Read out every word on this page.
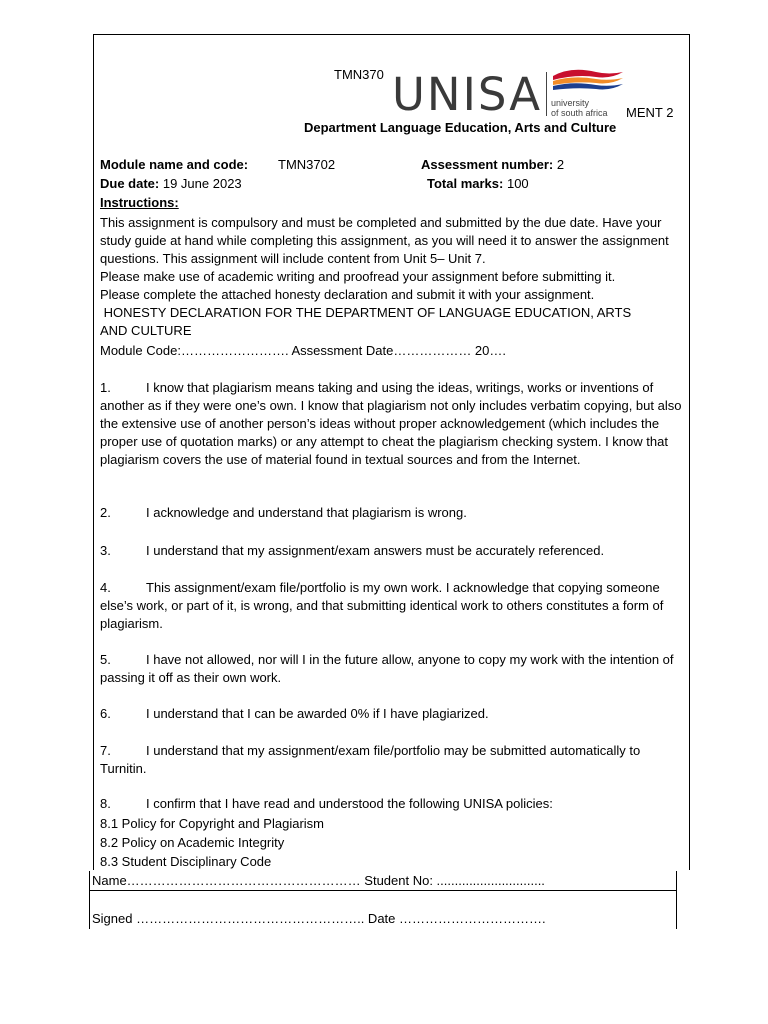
TMN370 UNISA university
of south africa MENT 2
Department Language Education, Arts and Culture
Module name and code: TMN3702	Assessment number: 2
Due date: 19 June 2023	Total marks: 100
Instructions:
This assignment is compulsory and must be completed and submitted by the due date. Have your study guide at hand while completing this assignment, as you will need it to answer the assignment questions. This assignment will include content from Unit 5– Unit 7.
Please make use of academic writing and proofread your assignment before submitting it.
Please complete the attached honesty declaration and submit it with your assignment.
HONESTY DECLARATION FOR THE DEPARTMENT OF LANGUAGE EDUCATION, ARTS AND CULTURE
Module Code:……………………. Assessment Date……………… 20….
1.	I know that plagiarism means taking and using the ideas, writings, works or inventions of another as if they were one’s own. I know that plagiarism not only includes verbatim copying, but also the extensive use of another person’s ideas without proper acknowledgement (which includes the proper use of quotation marks) or any attempt to cheat the plagiarism checking system. I know that plagiarism covers the use of material found in textual sources and from the Internet.
2.	I acknowledge and understand that plagiarism is wrong.
3.	I understand that my assignment/exam answers must be accurately referenced.
4.	This assignment/exam file/portfolio is my own work. I acknowledge that copying someone else’s work, or part of it, is wrong, and that submitting identical work to others constitutes a form of plagiarism.
5.	I have not allowed, nor will I in the future allow, anyone to copy my work with the intention of passing it off as their own work.
6.	I understand that I can be awarded 0% if I have plagiarized.
7.	I understand that my assignment/exam file/portfolio may be submitted automatically to Turnitin.
8.	I confirm that I have read and understood the following UNISA policies:
8.1 Policy for Copyright and Plagiarism
8.2 Policy on Academic Integrity
8.3 Student Disciplinary Code
Name……………………………………………… Student No: ..............................
Signed …………………………………………….. Date …………………………….
